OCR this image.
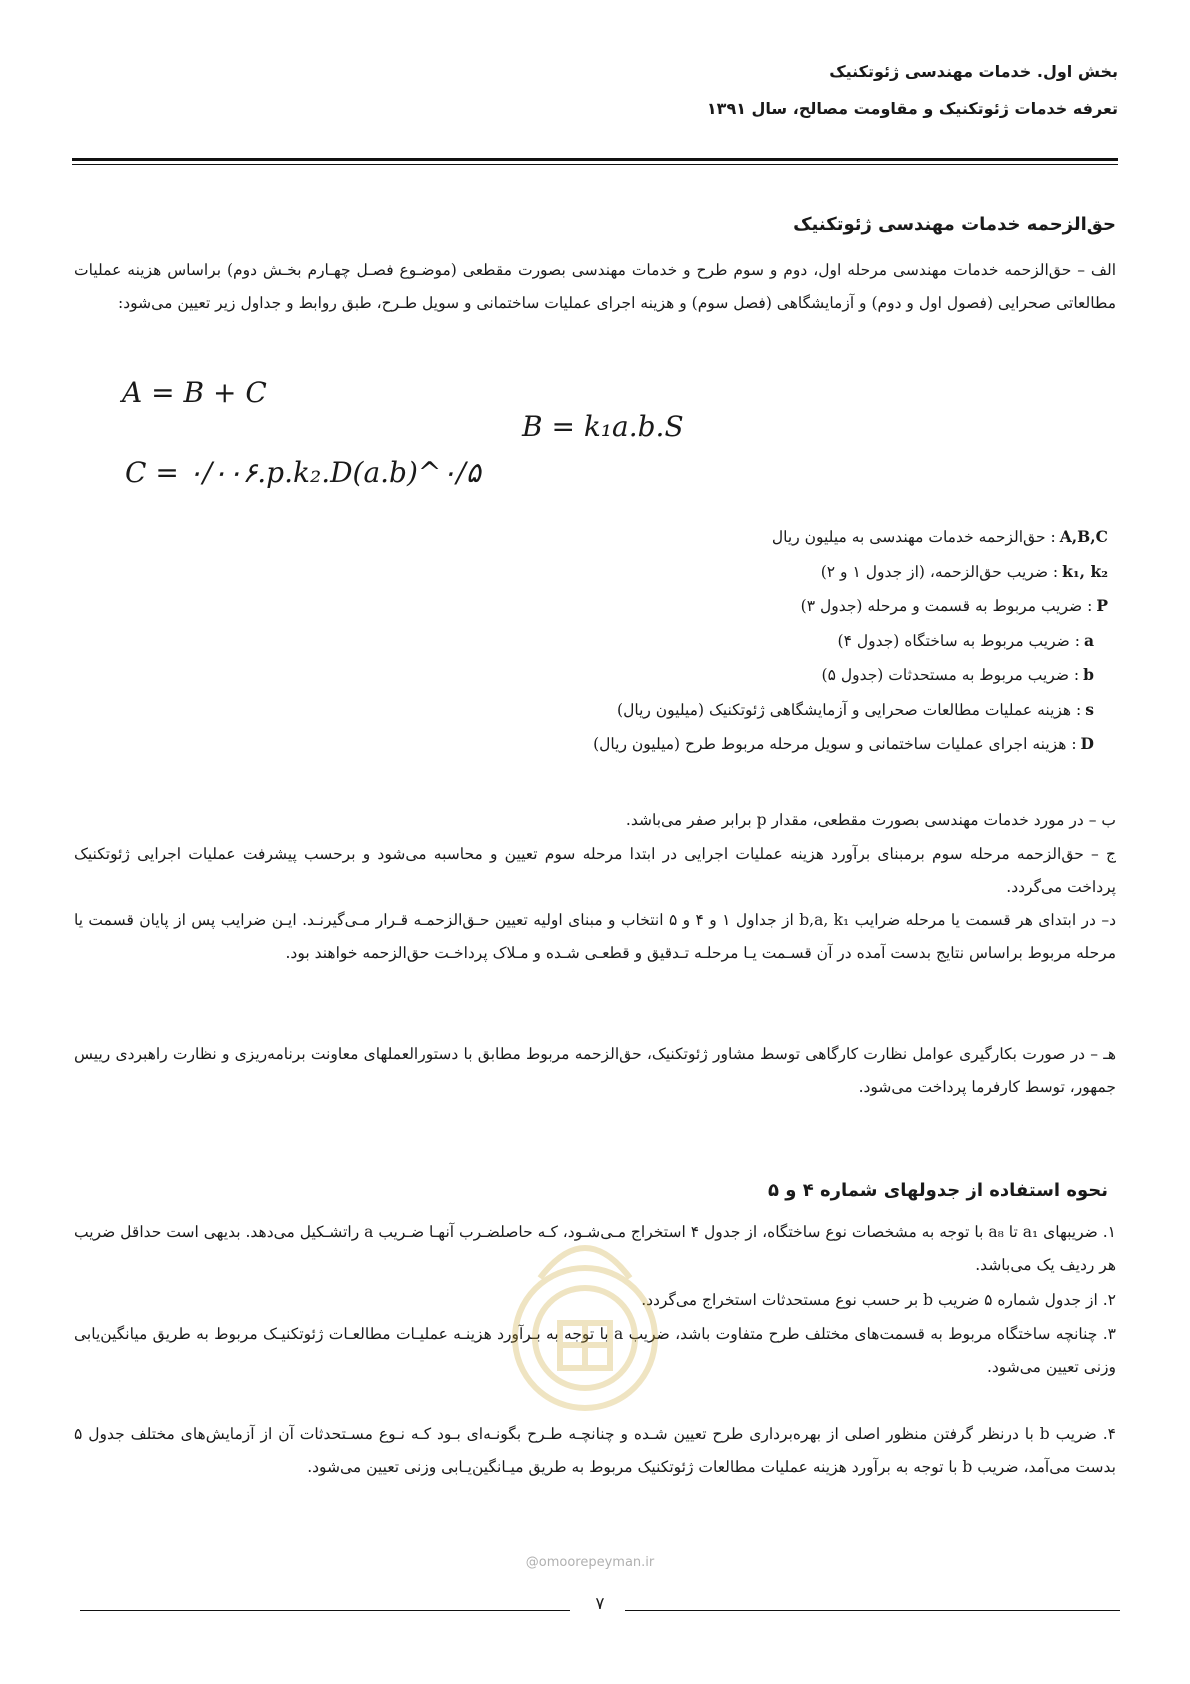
بخش اول. خدمات مهندسی ژئوتکنیک
تعرفه خدمات ژئوتکنیک و مقاومت مصالح، سال ۱۳۹۱
حق‌الزحمه خدمات مهندسی ژئوتکنیک
الف – حق‌الزحمه خدمات مهندسی مرحله اول، دوم و سوم طرح و خدمات مهندسی بصورت مقطعی (موضـوع فصـل چهـارم بخـش دوم) براساس هزینه عملیات مطالعاتی صحرایی (فصول اول و دوم) و آزمایشگاهی (فصل سوم) و هزینه اجرای عملیات ساختمانی و سویل طـرح، طبق روابط و جداول زیر تعیین می‌شود:
A = B + C
B = k₁a.b.S
C = ۰/۰۰۶.p.k₂.D(a.b)^۰/۵
A,B,C: حق‌الزحمه خدمات مهندسی به میلیون ریال
k₁, k₂: ضریب حق‌الزحمه، (از جدول ۱ و ۲)
P: ضریب مربوط به قسمت و مرحله (جدول ۳)
a: ضریب مربوط به ساختگاه (جدول ۴)
b: ضریب مربوط به مستحدثات (جدول ۵)
s: هزینه عملیات مطالعات صحرایی و آزمایشگاهی ژئوتکنیک (میلیون ریال)
D: هزینه اجرای عملیات ساختمانی و سویل مرحله مربوط طرح (میلیون ریال)
ب – در مورد خدمات مهندسی بصورت مقطعی، مقدار p برابر صفر می‌باشد.
ج – حق‌الزحمه مرحله سوم برمبنای برآورد هزینه عملیات اجرایی در ابتدا مرحله سوم تعیین و محاسبه می‌شود و برحسب پیشرفت عملیات اجرایی ژئوتکنیک پرداخت می‌گردد.
د– در ابتدای هر قسمت یا مرحله ضرایب b,a, k₁ از جداول ۱ و ۴ و ۵ انتخاب و مبنای اولیه تعیین حـق‌الزحمـه قـرار مـی‌گیرنـد. ایـن ضرایب پس از پایان قسمت یا مرحله مربوط براساس نتایج بدست آمده در آن قسـمت یـا مرحلـه تـدقیق و قطعـی شـده و مـلاک پرداخـت حق‌الزحمه خواهند بود.
هـ – در صورت بکارگیری عوامل نظارت کارگاهی توسط مشاور ژئوتکنیک، حق‌الزحمه مربوط مطابق با دستورالعملهای معاونت برنامه‌ریزی و نظارت راهبردی رییس جمهور، توسط کارفرما پرداخت می‌شود.
نحوه استفاده از جدولهای شماره ۴ و ۵
۱. ضریبهای a₁ تا a₈ با توجه به مشخصات نوع ساختگاه، از جدول ۴ استخراج مـی‌شـود، کـه حاصلضـرب آنهـا ضـریب a راتشـکیل می‌دهد. بدیهی است حداقل ضریب هر ردیف یک می‌باشد.
۲. از جدول شماره ۵ ضریب b بر حسب نوع مستحدثات استخراج می‌گردد.
۳. چنانچه ساختگاه مربوط به قسمت‌های مختلف طرح متفاوت باشد، ضریب a با توجه به بـرآورد هزینـه عملیـات مطالعـات ژئوتکنیـک مربوط به طریق میانگین‌یابی وزنی تعیین می‌شود.
۴. ضریب b با درنظر گرفتن منظور اصلی از بهره‌برداری طرح تعیین شـده و چنانچـه طـرح بگونـه‌ای بـود کـه نـوع مسـتحدثات آن از آزمایش‌های مختلف جدول ۵ بدست می‌آمد، ضریب b با توجه به برآورد هزینه عملیات مطالعات ژئوتکنیک مربوط به طریق میـانگین‌یـابی وزنی تعیین می‌شود.
@omoorepeyman.ir
۷
